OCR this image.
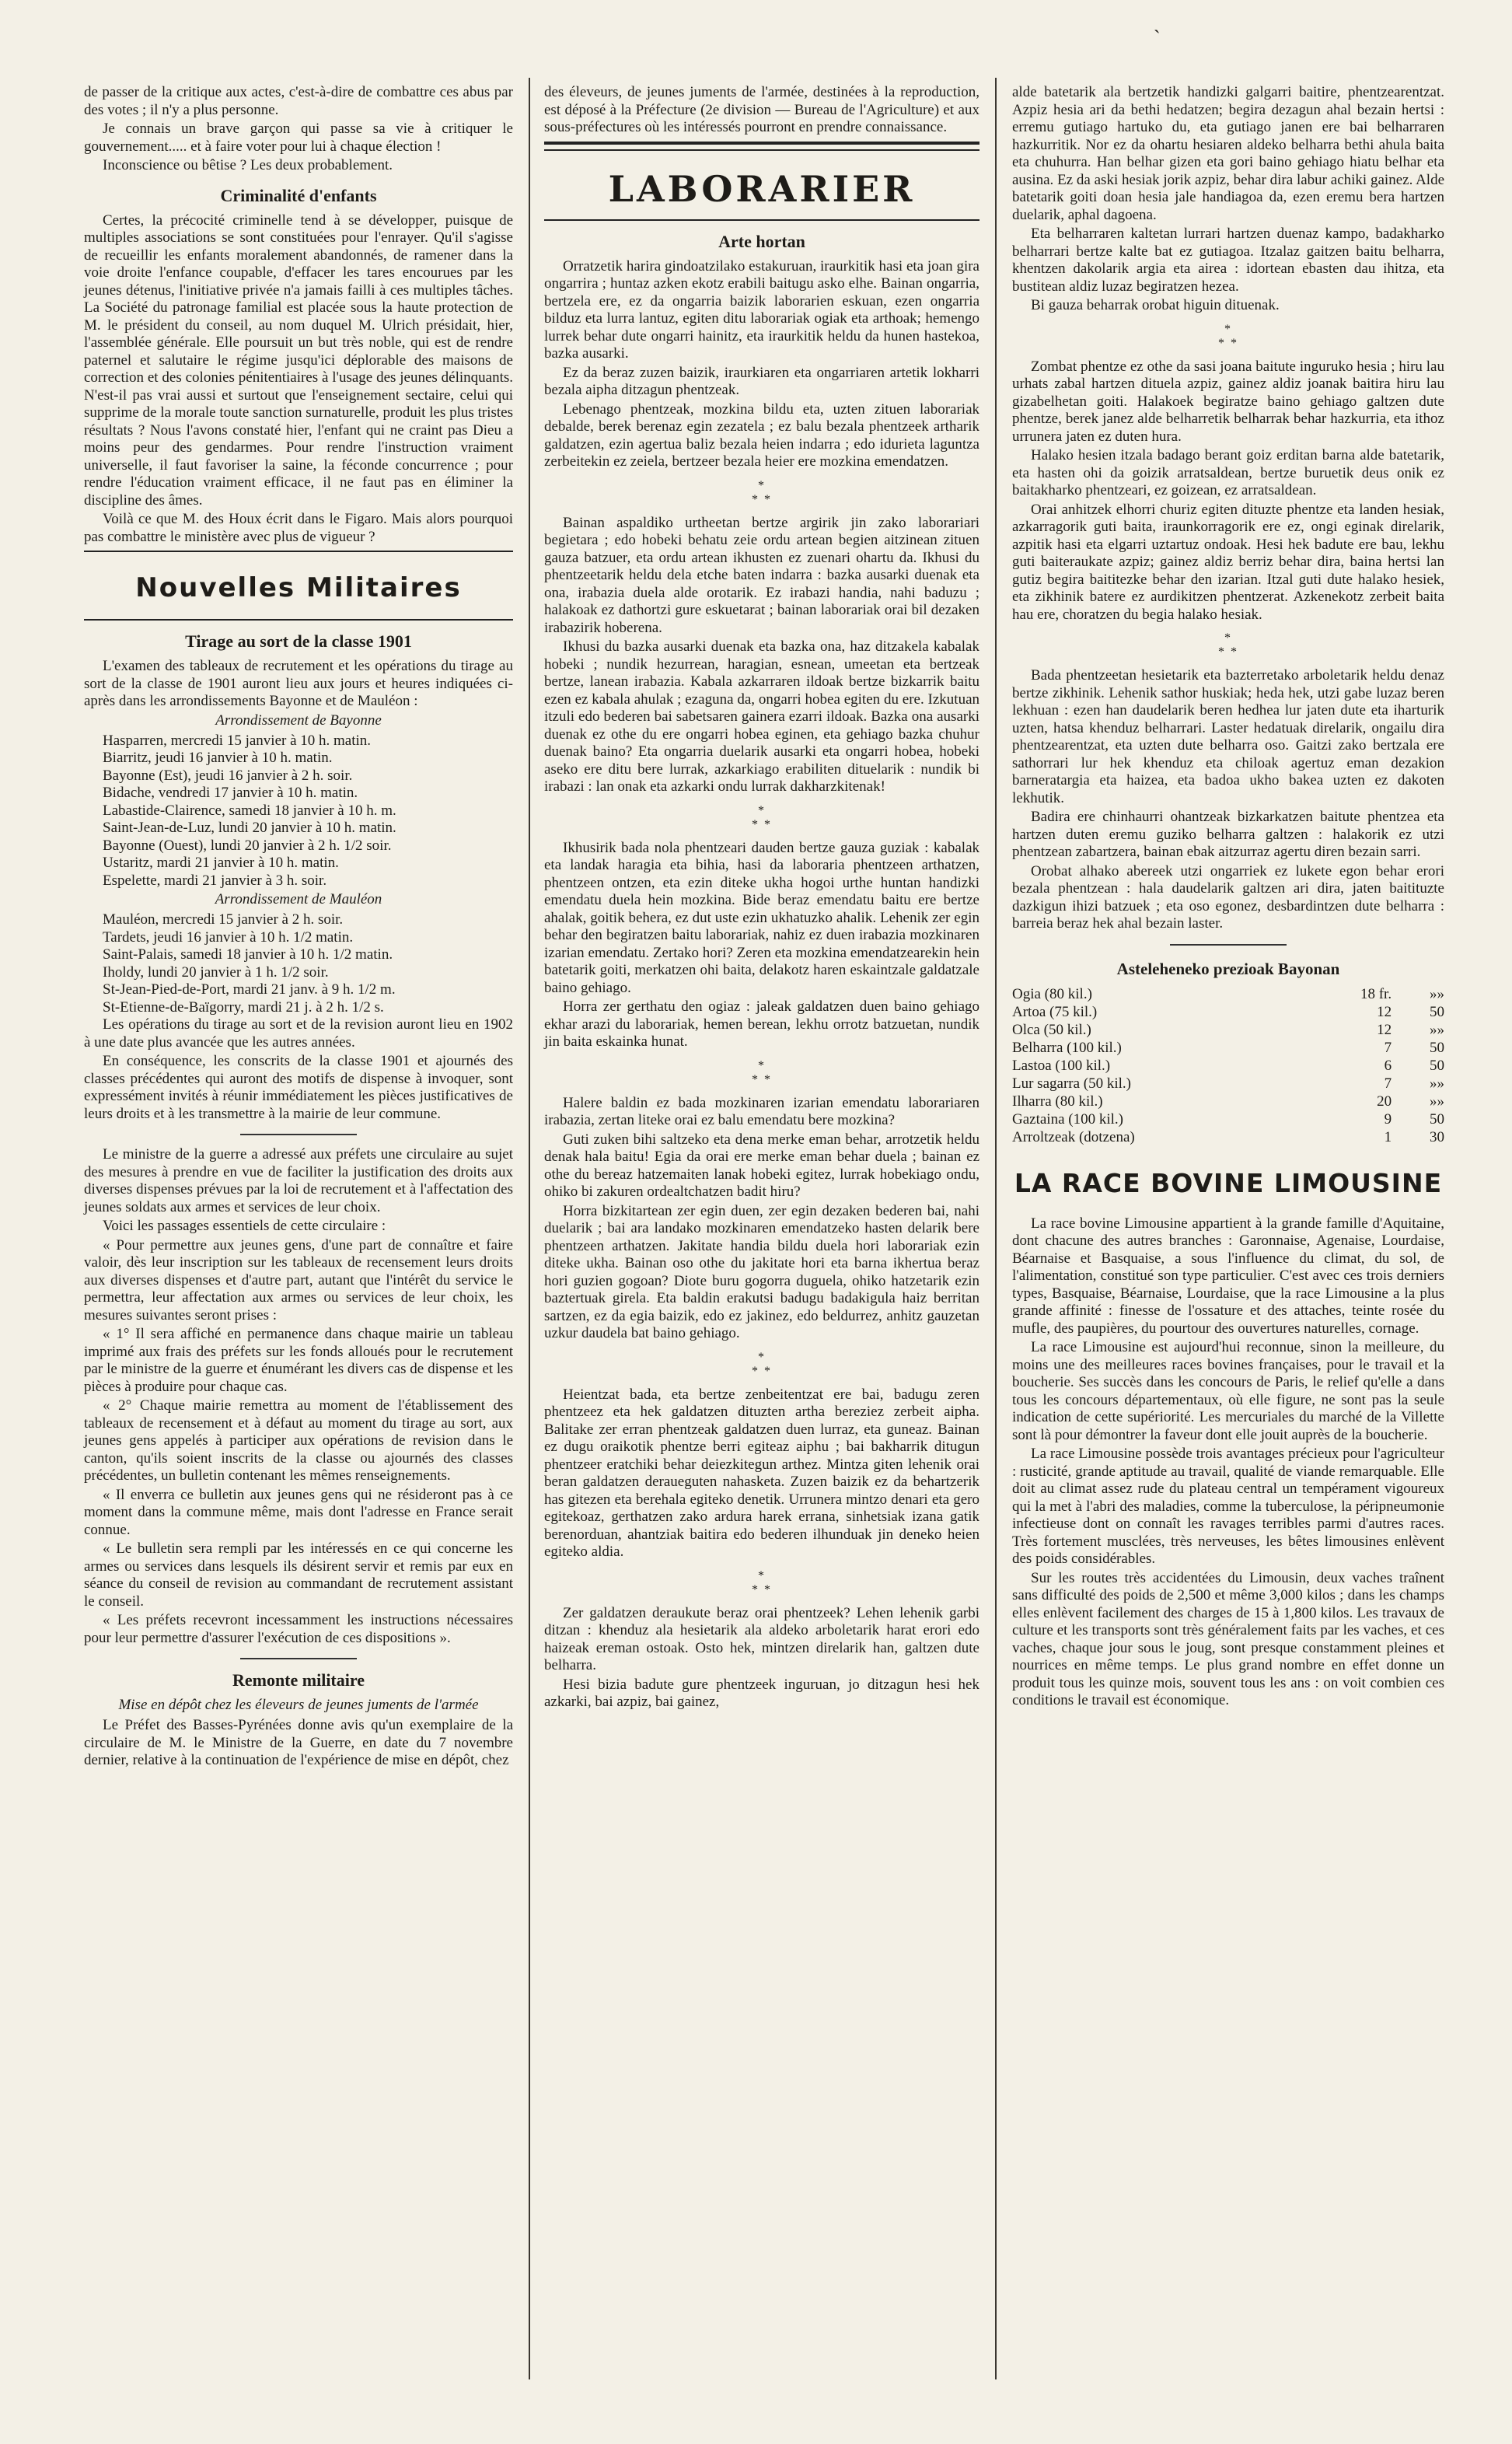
ˎ

de passer de la critique aux actes, c'est-à-dire de combattre ces abus par des votes ; il n'y a plus personne.

Je connais un brave garçon qui passe sa vie à critiquer le gouvernement..... et à faire voter pour lui à chaque élection !

Inconscience ou bêtise ? Les deux probablement.

Criminalité d'enfants

Certes, la précocité criminelle tend à se développer, puisque de multiples associations se sont constituées pour l'enrayer. Qu'il s'agisse de recueillir les enfants moralement abandonnés, de ramener dans la voie droite l'enfance coupable, d'effacer les tares encourues par les jeunes détenus, l'initiative privée n'a jamais failli à ces multiples tâches. La Société du patronage familial est placée sous la haute protection de M. le président du conseil, au nom duquel M. Ulrich présidait, hier, l'assemblée générale. Elle poursuit un but très noble, qui est de rendre paternel et salutaire le régime jusqu'ici déplorable des maisons de correction et des colonies pénitentiaires à l'usage des jeunes délinquants. N'est-il pas vrai aussi et surtout que l'enseignement sectaire, celui qui supprime de la morale toute sanction surnaturelle, produit les plus tristes résultats ? Nous l'avons constaté hier, l'enfant qui ne craint pas Dieu a moins peur des gendarmes. Pour rendre l'instruction vraiment universelle, il faut favoriser la saine, la féconde concurrence ; pour rendre l'éducation vraiment efficace, il ne faut pas en éliminer la discipline des âmes.

Voilà ce que M. des Houx écrit dans le Figaro. Mais alors pourquoi pas combattre le ministère avec plus de vigueur ?

Nouvelles Militaires
Tirage au sort de la classe 1901

L'examen des tableaux de recrutement et les opérations du tirage au sort de la classe de 1901 auront lieu aux jours et heures indiquées ci-après dans les arrondissements Bayonne et de Mauléon :

Arrondissement de Bayonne
Hasparren, mercredi 15 janvier à 10 h. matin.
Biarritz, jeudi 16 janvier à 10 h. matin.
Bayonne (Est), jeudi 16 janvier à 2 h. soir.
Bidache, vendredi 17 janvier à 10 h. matin.
Labastide-Clairence, samedi 18 janvier à 10 h. m.
Saint-Jean-de-Luz, lundi 20 janvier à 10 h. matin.
Bayonne (Ouest), lundi 20 janvier à 2 h. 1/2 soir.
Ustaritz, mardi 21 janvier à 10 h. matin.
Espelette, mardi 21 janvier à 3 h. soir.
Arrondissement de Mauléon
Mauléon, mercredi 15 janvier à 2 h. soir.
Tardets, jeudi 16 janvier à 10 h. 1/2 matin.
Saint-Palais, samedi 18 janvier à 10 h. 1/2 matin.
Iholdy, lundi 20 janvier à 1 h. 1/2 soir.
St-Jean-Pied-de-Port, mardi 21 janv. à 9 h. 1/2 m.
St-Etienne-de-Baïgorry, mardi 21 j. à 2 h. 1/2 s.

Les opérations du tirage au sort et de la revision auront lieu en 1902 à une date plus avancée que les autres années.

En conséquence, les conscrits de la classe 1901 et ajournés des classes précédentes qui auront des motifs de dispense à invoquer, sont expressément invités à réunir immédiatement les pièces justificatives de leurs droits et à les transmettre à la mairie de leur commune.

Le ministre de la guerre a adressé aux préfets une circulaire au sujet des mesures à prendre en vue de faciliter la justification des droits aux diverses dispenses prévues par la loi de recrutement et à l'affectation des jeunes soldats aux armes et services de leur choix.

Voici les passages essentiels de cette circulaire :

« Pour permettre aux jeunes gens, d'une part de connaître et faire valoir, dès leur inscription sur les tableaux de recensement leurs droits aux diverses dispenses et d'autre part, autant que l'intérêt du service le permettra, leur affectation aux armes ou services de leur choix, les mesures suivantes seront prises :

« 1° Il sera affiché en permanence dans chaque mairie un tableau imprimé aux frais des préfets sur les fonds alloués pour le recrutement par le ministre de la guerre et énumérant les divers cas de dispense et les pièces à produire pour chaque cas.

« 2° Chaque mairie remettra au moment de l'établissement des tableaux de recensement et à défaut au moment du tirage au sort, aux jeunes gens appelés à participer aux opérations de revision dans le canton, qu'ils soient inscrits de la classe ou ajournés des classes précédentes, un bulletin contenant les mêmes renseignements.

« Il enverra ce bulletin aux jeunes gens qui ne résideront pas à ce moment dans la commune même, mais dont l'adresse en France serait connue.

« Le bulletin sera rempli par les intéressés en ce qui concerne les armes ou services dans lesquels ils désirent servir et remis par eux en séance du conseil de revision au commandant de recrutement assistant le conseil.

« Les préfets recevront incessamment les instructions nécessaires pour leur permettre d'assurer l'exécution de ces dispositions ».

Remonte militaire
Mise en dépôt chez les éleveurs de jeunes juments de l'armée

Le Préfet des Basses-Pyrénées donne avis qu'un exemplaire de la circulaire de M. le Ministre de la Guerre, en date du 7 novembre dernier, relative à la continuation de l'expérience de mise en dépôt, chez

des éleveurs, de jeunes juments de l'armée, destinées à la reproduction, est déposé à la Préfecture (2e division — Bureau de l'Agriculture) et aux sous-préfectures où les intéressés pourront en prendre connaissance.

LABORARIER
Arte hortan

Orratzetik harira gindoatzilako estakuruan, iraurkitik hasi eta joan gira ongarrira ; huntaz azken ekotz erabili baitugu asko elhe. Bainan ongarria, bertzela ere, ez da ongarria baizik laborarien eskuan, ezen ongarria bilduz eta lurra lantuz, egiten ditu laborariak ogiak eta arthoak; hemengo lurrek behar dute ongarri hainitz, eta iraurkitik heldu da hunen hastekoa, bazka ausarki.

Ez da beraz zuzen baizik, iraurkiaren eta ongarriaren artetik lokharri bezala aipha ditzagun phentzeak.

Lebenago phentzeak, mozkina bildu eta, uzten zituen laborariak debalde, berek berenaz egin zezatela ; ez balu bezala phentzeek artharik galdatzen, ezin agertua baliz bezala heien indarra ; edo idurieta laguntza zerbeitekin ez zeiela, bertzeer bezala heier ere mozkina emendatzen.

*
* *

Bainan aspaldiko urtheetan bertze argirik jin zako laborariari begietara ; edo hobeki behatu zeie ordu artean begien aitzinean zituen gauza batzuer, eta ordu artean ikhusten ez zuenari ohartu da. Ikhusi du phentzeetarik heldu dela etche baten indarra : bazka ausarki duenak eta ona, irabazia duela alde orotarik. Ez irabazi handia, nahi baduzu ; halakoak ez dathortzi gure eskuetarat ; bainan laborariak orai bil dezaken irabazirik hoberena.

Ikhusi du bazka ausarki duenak eta bazka ona, haz ditzakela kabalak hobeki ; nundik hezurrean, haragian, esnean, umeetan eta bertzeak bertze, lanean irabazia. Kabala azkarraren ildoak bertze bizkarrik baitu ezen ez kabala ahulak ; ezaguna da, ongarri hobea egiten du ere. Izkutuan itzuli edo bederen bai sabetsaren gainera ezarri ildoak. Bazka ona ausarki duenak ez othe du ere ongarri hobea eginen, eta gehiago bazka chuhur duenak baino? Eta ongarria duelarik ausarki eta ongarri hobea, hobeki aseko ere ditu bere lurrak, azkarkiago erabiliten dituelarik : nundik bi irabazi : lan onak eta azkarki ondu lurrak dakharzkitenak!

*
* *

Ikhusirik bada nola phentzeari dauden bertze gauza guziak : kabalak eta landak haragia eta bihia, hasi da laboraria phentzeen arthatzen, phentzeen ontzen, eta ezin diteke ukha hogoi urthe huntan handizki emendatu duela hein mozkina. Bide beraz emendatu baitu ere bertze ahalak, goitik behera, ez dut uste ezin ukhatuzko ahalik. Lehenik zer egin behar den begiratzen baitu laborariak, nahiz ez duen irabazia mozkinaren izarian emendatu. Zertako hori? Zeren eta mozkina emendatzearekin hein batetarik goiti, merkatzen ohi baita, delakotz haren eskaintzale galdatzale baino gehiago.

Horra zer gerthatu den ogiaz : jaleak galdatzen duen baino gehiago ekhar arazi du laborariak, hemen berean, lekhu orrotz batzuetan, nundik jin baita eskainka hunat.

*
* *

Halere baldin ez bada mozkinaren izarian emendatu laborariaren irabazia, zertan liteke orai ez balu emendatu bere mozkina?

Guti zuken bihi saltzeko eta dena merke eman behar, arrotzetik heldu denak hala baitu! Egia da orai ere merke eman behar duela ; bainan ez othe du bereaz hatzemaiten lanak hobeki egitez, lurrak hobekiago ondu, ohiko bi zakuren ordealtchatzen badit hiru?

Horra bizkitartean zer egin duen, zer egin dezaken bederen bai, nahi duelarik ; bai ara landako mozkinaren emendatzeko hasten delarik bere phentzeen arthatzen. Jakitate handia bildu duela hori laborariak ezin diteke ukha. Bainan oso othe du jakitate hori eta barna ikhertua beraz hori guzien gogoan? Diote buru gogorra duguela, ohiko hatzetarik ezin baztertuak girela. Eta baldin erakutsi badugu badakigula haiz berritan sartzen, ez da egia baizik, edo ez jakinez, edo beldurrez, anhitz gauzetan uzkur daudela bat baino gehiago.

*
* *

Heientzat bada, eta bertze zenbeitentzat ere bai, badugu zeren phentzeez eta hek galdatzen dituzten artha bereziez zerbeit aipha. Balitake zer erran phentzeak galdatzen duen lurraz, eta guneaz. Bainan ez dugu oraikotik phentze berri egiteaz aiphu ; bai bakharrik ditugun phentzeer eratchiki behar deiezkitegun arthez. Mintza giten lehenik orai beran galdatzen deraueguten nahasketa. Zuzen baizik ez da behartzerik has gitezen eta berehala egiteko denetik. Urrunera mintzo denari eta gero egitekoaz, gerthatzen zako ardura harek errana, sinhetsiak izana gatik berenorduan, ahantziak baitira edo bederen ilhunduak jin deneko heien egiteko aldia.

*
* *

Zer galdatzen deraukute beraz orai phentzeek? Lehen lehenik garbi ditzan : khenduz ala hesietarik ala aldeko arboletarik harat erori edo haizeak ereman ostoak. Osto hek, mintzen direlarik han, galtzen dute belharra.

Hesi bizia badute gure phentzeek inguruan, jo ditzagun hesi hek azkarki, bai azpiz, bai gainez,

alde batetarik ala bertzetik handizki galgarri baitire, phentzearentzat. Azpiz hesia ari da bethi hedatzen; begira dezagun ahal bezain hertsi : erremu gutiago hartuko du, eta gutiago janen ere bai belharraren hazkurritik. Nor ez da ohartu hesiaren aldeko belharra bethi ahula baita eta chuhurra. Han belhar gizen eta gori baino gehiago hiatu belhar eta ausina. Ez da aski hesiak jorik azpiz, behar dira labur achiki gainez. Alde batetarik goiti doan hesia jale handiagoa da, ezen eremu bera hartzen duelarik, aphal dagoena.

Eta belharraren kaltetan lurrari hartzen duenaz kampo, badakharko belharrari bertze kalte bat ez gutiagoa. Itzalaz gaitzen baitu belharra, khentzen dakolarik argia eta airea : idortean ebasten dau ihitza, eta bustitean aldiz luzaz begiratzen hezea.

Bi gauza beharrak orobat higuin dituenak.

*
* *

Zombat phentze ez othe da sasi joana baitute inguruko hesia ; hiru lau urhats zabal hartzen dituela azpiz, gainez aldiz joanak baitira hiru lau gizabelhetan goiti. Halakoek begiratze baino gehiago galtzen dute phentze, berek janez alde belharretik belharrak behar hazkurria, eta ithoz urrunera jaten ez duten hura.

Halako hesien itzala badago berant goiz erditan barna alde batetarik, eta hasten ohi da goizik arratsaldean, bertze buruetik deus onik ez baitakharko phentzeari, ez goizean, ez arratsaldean.

Orai anhitzek elhorri churiz egiten dituzte phentze eta landen hesiak, azkarragorik guti baita, iraunkorragorik ere ez, ongi eginak direlarik, azpitik hasi eta elgarri uztartuz ondoak. Hesi hek badute ere bau, lekhu guti baiteraukate azpiz; gainez aldiz berriz behar dira, baina hertsi lan gutiz begira baititezke behar den izarian. Itzal guti dute halako hesiek, eta zikhinik batere ez aurdikitzen phentzerat. Azkenekotz zerbeit baita hau ere, choratzen du begia halako hesiak.

*
* *

Bada phentzeetan hesietarik eta bazterretako arboletarik heldu denaz bertze zikhinik. Lehenik sathor huskiak; heda hek, utzi gabe luzaz beren lekhuan : ezen han daudelarik beren hedhea lur jaten dute eta iharturik uzten, hatsa khenduz belharrari. Laster hedatuak direlarik, ongailu dira phentzearentzat, eta uzten dute belharra oso. Gaitzi zako bertzala ere sathorrari lur hek khenduz eta chiloak agertuz eman dezakion barneratargia eta haizea, eta badoa ukho bakea uzten ez dakoten lekhutik.

Badira ere chinhaurri ohantzeak bizkarkatzen baitute phentzea eta hartzen duten eremu guziko belharra galtzen : halakorik ez utzi phentzean zabartzera, bainan ebak aitzurraz agertu diren bezain sarri.

Orobat alhako abereek utzi ongarriek ez lukete egon behar erori bezala phentzean : hala daudelarik galtzen ari dira, jaten baitituzte dazkigun ihizi batzuek ; eta oso egonez, desbardintzen dute belharra : barreia beraz hek ahal bezain laster.

Asteleheneko prezioak Bayonan
Ogia (80 kil.)	18 fr.	»»
Artoa (75 kil.)	12	50
Olca (50 kil.)	12	»»
Belharra (100 kil.)	7	50
Lastoa (100 kil.)	6	50
Lur sagarra (50 kil.)	7	»»
Ilharra (80 kil.)	20	»»
Gaztaina (100 kil.)	9	50
Arroltzeak (dotzena)	1	30
LA RACE BOVINE LIMOUSINE

La race bovine Limousine appartient à la grande famille d'Aquitaine, dont chacune des autres branches : Garonnaise, Agenaise, Lourdaise, Béarnaise et Basquaise, a sous l'influence du climat, du sol, de l'alimentation, constitué son type particulier. C'est avec ces trois derniers types, Basquaise, Béarnaise, Lourdaise, que la race Limousine a la plus grande affinité : finesse de l'ossature et des attaches, teinte rosée du mufle, des paupières, du pourtour des ouvertures naturelles, cornage.

La race Limousine est aujourd'hui reconnue, sinon la meilleure, du moins une des meilleures races bovines françaises, pour le travail et la boucherie. Ses succès dans les concours de Paris, le relief qu'elle a dans tous les concours départementaux, où elle figure, ne sont pas la seule indication de cette supériorité. Les mercuriales du marché de la Villette sont là pour démontrer la faveur dont elle jouit auprès de la boucherie.

La race Limousine possède trois avantages précieux pour l'agriculteur : rusticité, grande aptitude au travail, qualité de viande remarquable. Elle doit au climat assez rude du plateau central un tempérament vigoureux qui la met à l'abri des maladies, comme la tuberculose, la péripneumonie infectieuse dont on connaît les ravages terribles parmi d'autres races. Très fortement musclées, très nerveuses, les bêtes limousines enlèvent des poids considérables.

Sur les routes très accidentées du Limousin, deux vaches traînent sans difficulté des poids de 2,500 et même 3,000 kilos ; dans les champs elles enlèvent facilement des charges de 15 à 1,800 kilos. Les travaux de culture et les transports sont très généralement faits par les vaches, et ces vaches, chaque jour sous le joug, sont presque constamment pleines et nourrices en même temps. Le plus grand nombre en effet donne un produit tous les quinze mois, souvent tous les ans : on voit combien ces conditions le travail est économique.
